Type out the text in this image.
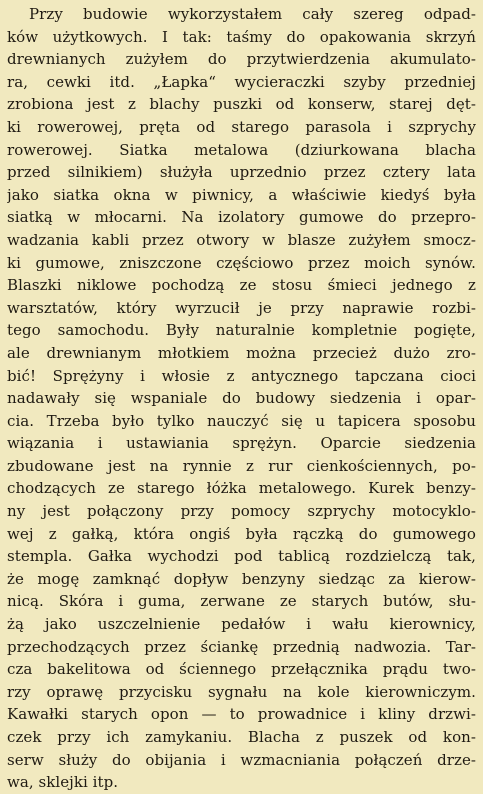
Przy budowie wykorzystałem cały szereg odpad-
ków użytkowych. I tak: taśmy do opakowania skrzyń
drewnianych zużyłem do przytwierdzenia akumulato-
ra, cewki itd. „Łapka“ wycieraczki szyby przedniej
zrobiona jest z blachy puszki od konserw, starej dęt-
ki rowerowej, pręta od starego parasola i szprychy
rowerowej. Siatka metalowa (dziurkowana blacha
przed silnikiem) służyła uprzednio przez cztery lata
jako siatka okna w piwnicy, a właściwie kiedyś była
siatką w młocarni. Na izolatory gumowe do przepro-
wadzania kabli przez otwory w blasze zużyłem smocz-
ki gumowe, zniszczone częściowo przez moich synów.
Blaszki niklowe pochodzą ze stosu śmieci jednego z
warsztatów, który wyrzucił je przy naprawie rozbi-
tego samochodu. Były naturalnie kompletnie pogięte,
ale drewnianym młotkiem można przecież dużo zro-
bić! Sprężyny i włosie z antycznego tapczana cioci
nadawały się wspaniale do budowy siedzenia i opar-
cia. Trzeba było tylko nauczyć się u tapicera sposobu
wiązania i ustawiania sprężyn. Oparcie siedzenia
zbudowane jest na rynnie z rur cienkościennych, po-
chodzących ze starego łóżka metalowego. Kurek benzy-
ny jest połączony przy pomocy szprychy motocyklo-
wej z gałką, która ongiś była rączką do gumowego
stempla. Gałka wychodzi pod tablicą rozdzielczą tak,
że mogę zamknąć dopływ benzyny siedząc za kierow-
nicą. Skóra i guma, zerwane ze starych butów, słu-
żą jako uszczelnienie pedałów i wału kierownicy,
przechodzących przez ściankę przednią nadwozia. Tar-
cza bakelitowa od ściennego przełącznika prądu two-
rzy oprawę przycisku sygnału na kole kierowniczym.
Kawałki starych opon — to prowadnice i kliny drzwi-
czek przy ich zamykaniu. Blacha z puszek od kon-
serw służy do obijania i wzmacniania połączeń drze-
wa, sklejki itp.
